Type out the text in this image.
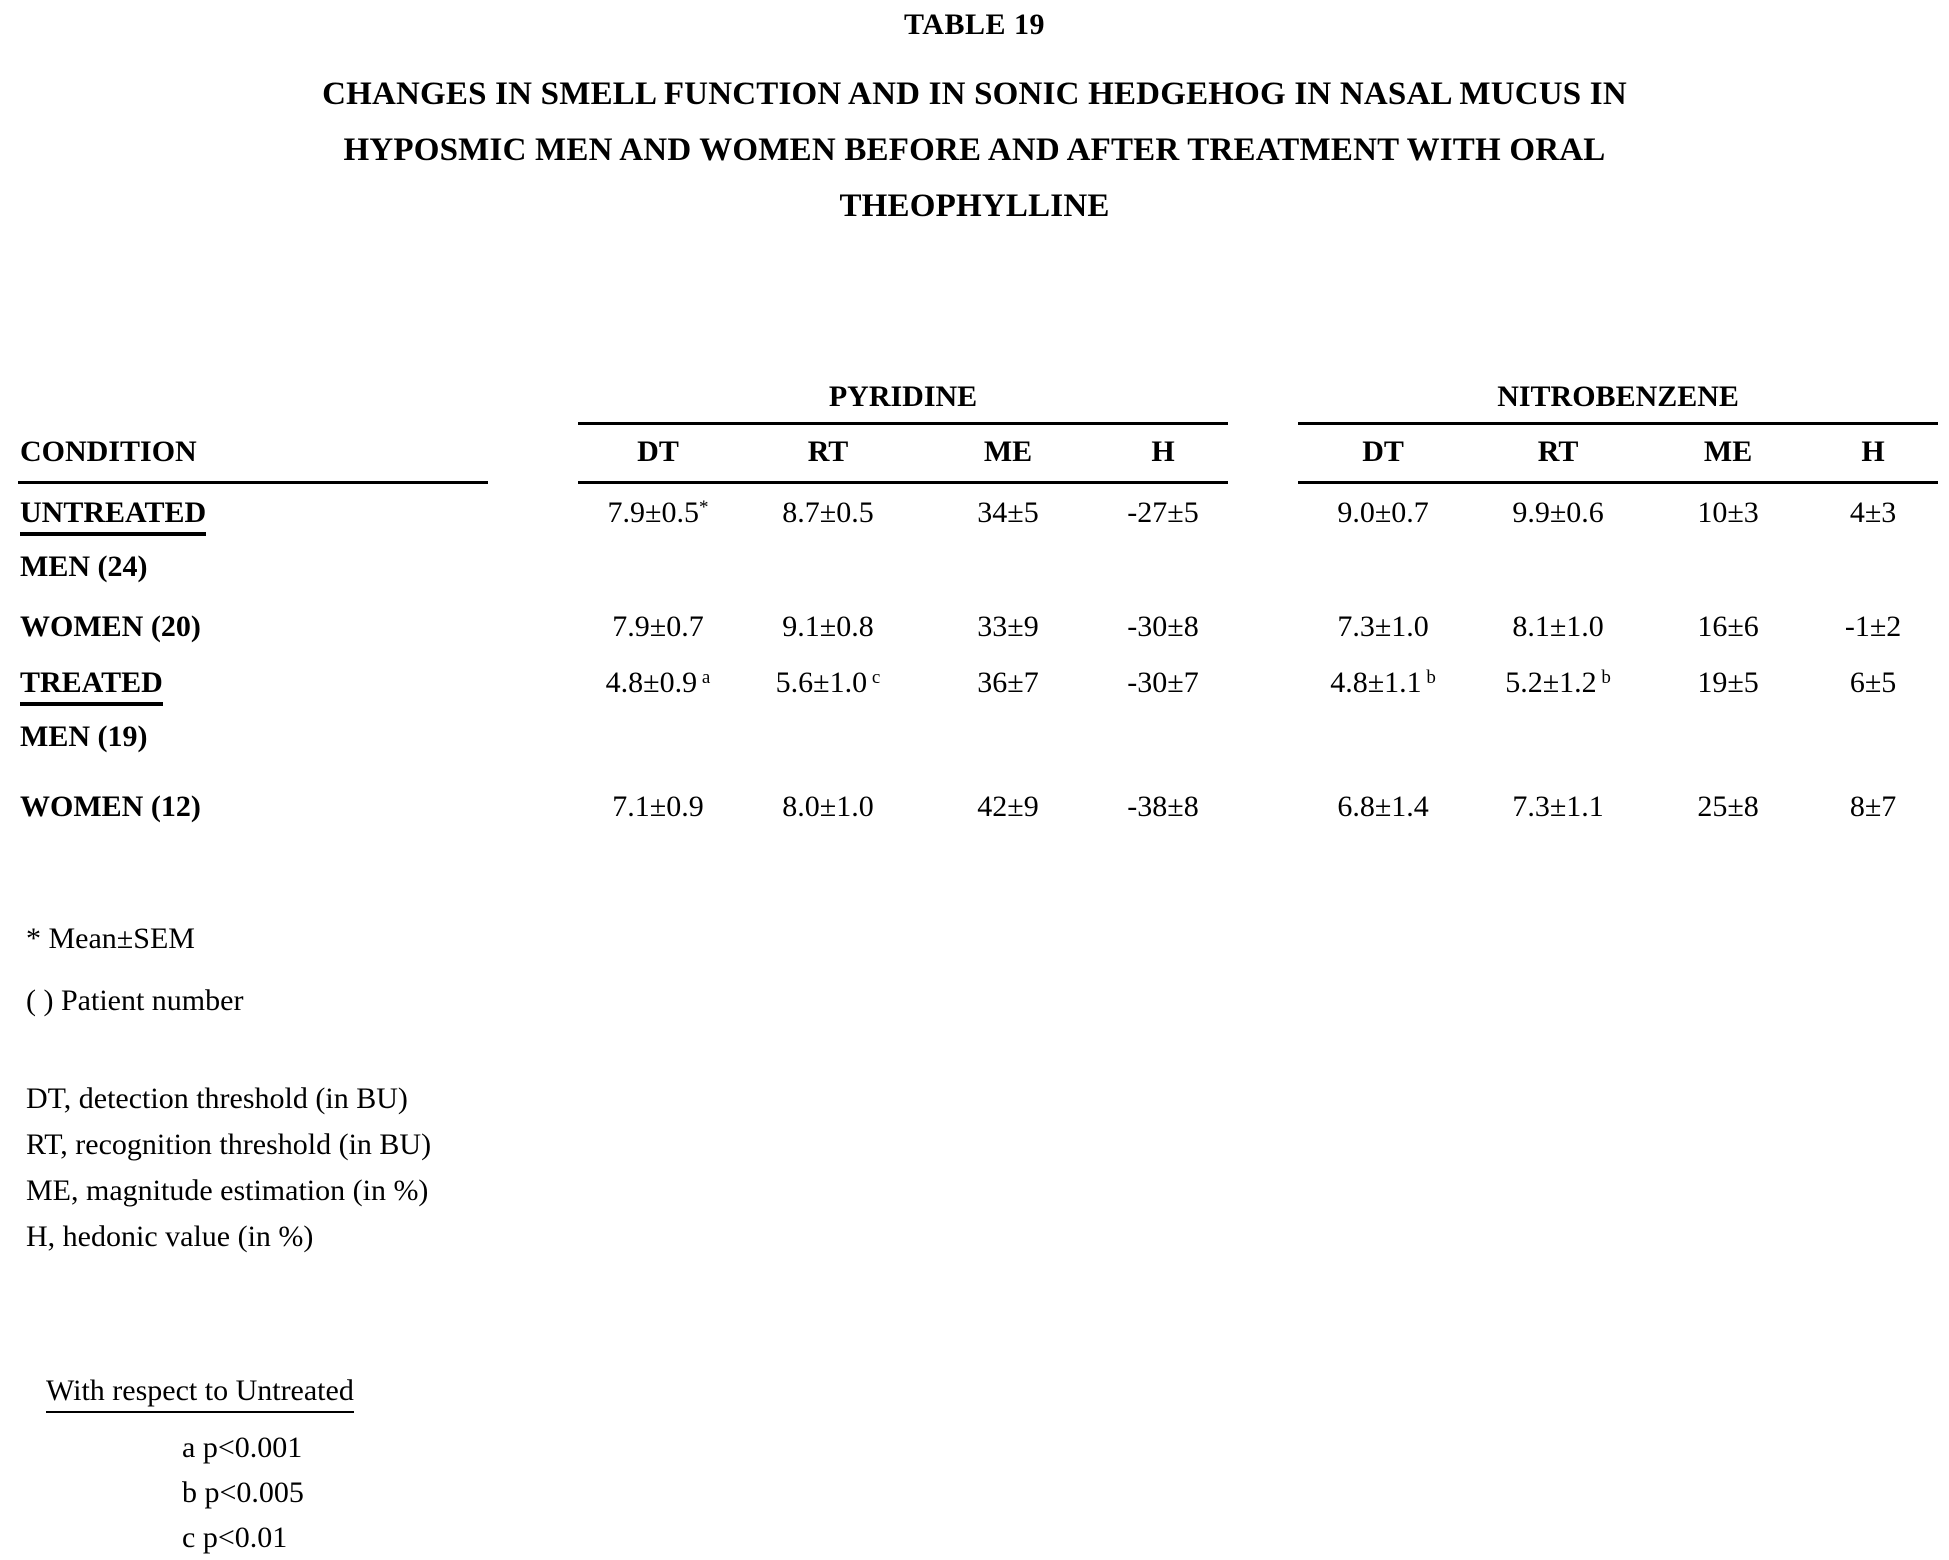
TABLE 19
CHANGES IN SMELL FUNCTION AND IN SONIC HEDGEHOG IN NASAL MUCUS IN
HYPOSMIC MEN AND WOMEN BEFORE AND AFTER TREATMENT WITH ORAL
THEOPHYLLINE
		PYRIDINE					NITROBENZENE			
CONDITION		DT	RT	ME	H		DT	RT	ME	H

UNTREATED
MEN (24)		7.9±0.5*	8.7±0.5	34±5	-27±5		9.0±0.7	9.9±0.6	10±3	4±3
WOMEN (20)		7.9±0.7	9.1±0.8	33±9	-30±8		7.3±1.0	8.1±1.0	16±6	-1±2

TREATED
MEN (19)		4.8±0.9 $^a$	5.6±1.0 $^c$	36±7	-30±7		4.8±1.1 $^b$	5.2±1.2 $^b$	19±5	6±5
WOMEN (12)		7.1±0.9	8.0±1.0	42±9	-38±8		6.8±1.4	7.3±1.1	25±8	8±7
* Mean±SEM
( ) Patient number
DT, detection threshold (in BU)
RT, recognition threshold (in BU)
ME, magnitude estimation (in %)
H, hedonic value (in %)
With respect to Untreated
a p<0.001
b p<0.005
c p<0.01
